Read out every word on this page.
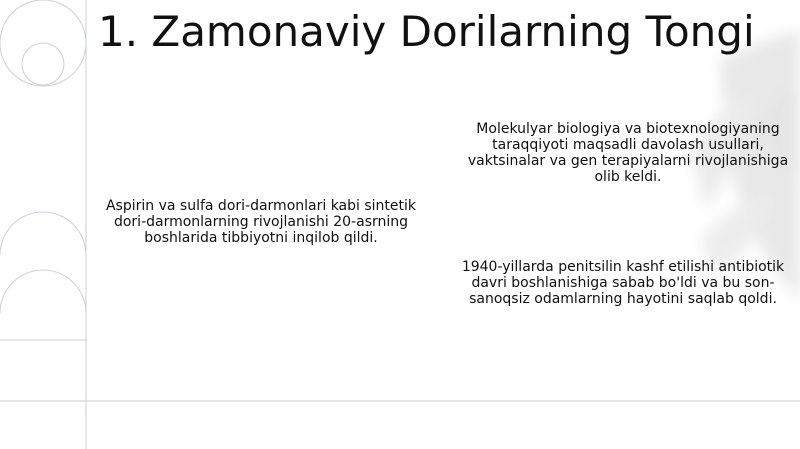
1. Zamonaviy Dorilarning Tongi

Aspirin va sulfa dori-darmonlari kabi sintetik dori-darmonlarning rivojlanishi 20-asrning boshlarida tibbiyotni inqilob qildi.

Molekulyar biologiya va biotexnologiyaning taraqqiyoti maqsadli davolash usullari, vaktsinalar va gen terapiyalarni rivojlanishiga olib keldi.

1940-yillarda penitsilin kashf etilishi antibiotik davri boshlanishiga sabab bo'ldi va bu son-sanoqsiz odamlarning hayotini saqlab qoldi.
